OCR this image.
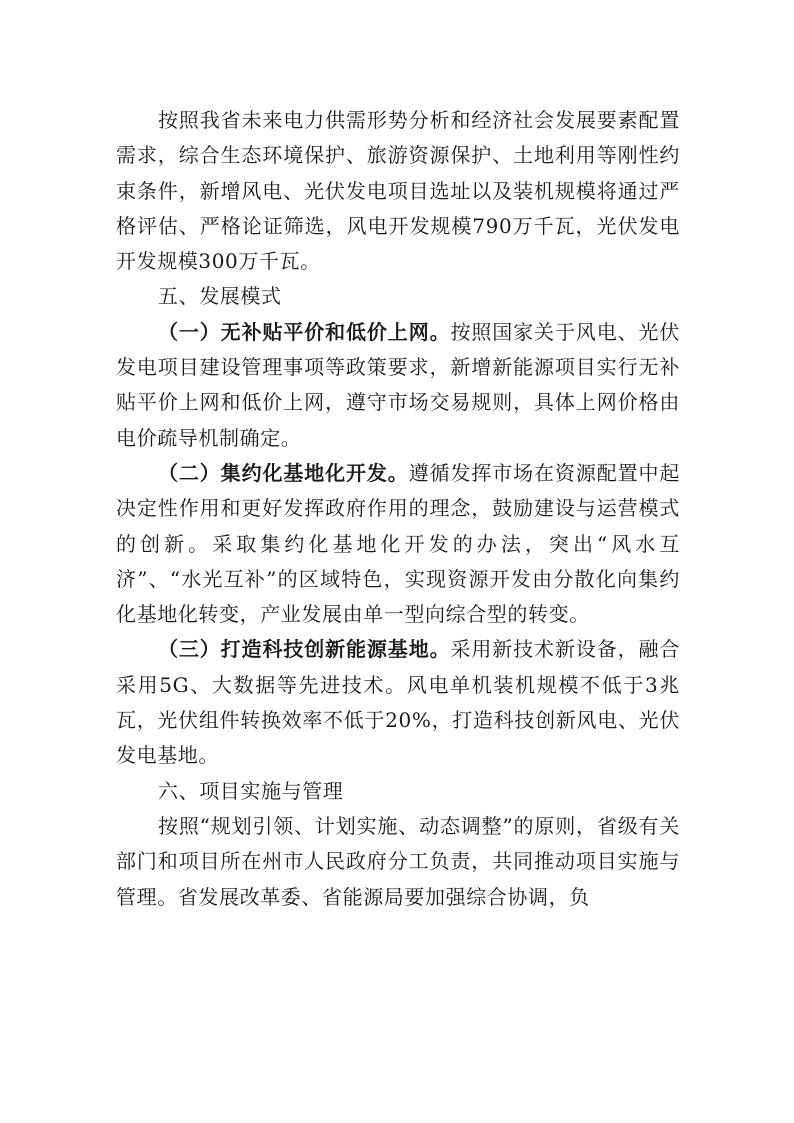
按照我省未来电力供需形势分析和经济社会发展要素配置需求，综合生态环境保护、旅游资源保护、土地利用等刚性约束条件，新增风电、光伏发电项目选址以及装机规模将通过严格评估、严格论证筛选，风电开发规模790万千瓦，光伏发电开发规模300万千瓦。

五、发展模式

（一）无补贴平价和低价上网。按照国家关于风电、光伏发电项目建设管理事项等政策要求，新增新能源项目实行无补贴平价上网和低价上网，遵守市场交易规则，具体上网价格由电价疏导机制确定。

（二）集约化基地化开发。遵循发挥市场在资源配置中起决定性作用和更好发挥政府作用的理念，鼓励建设与运营模式的创新。采取集约化基地化开发的办法，突出“风水互济”、“水光互补”的区域特色，实现资源开发由分散化向集约化基地化转变，产业发展由单一型向综合型的转变。

（三）打造科技创新能源基地。采用新技术新设备，融合采用5G、大数据等先进技术。风电单机装机规模不低于3兆瓦，光伏组件转换效率不低于20%，打造科技创新风电、光伏发电基地。

六、项目实施与管理

按照“规划引领、计划实施、动态调整”的原则，省级有关部门和项目所在州市人民政府分工负责，共同推动项目实施与管理。省发展改革委、省能源局要加强综合协调，负
